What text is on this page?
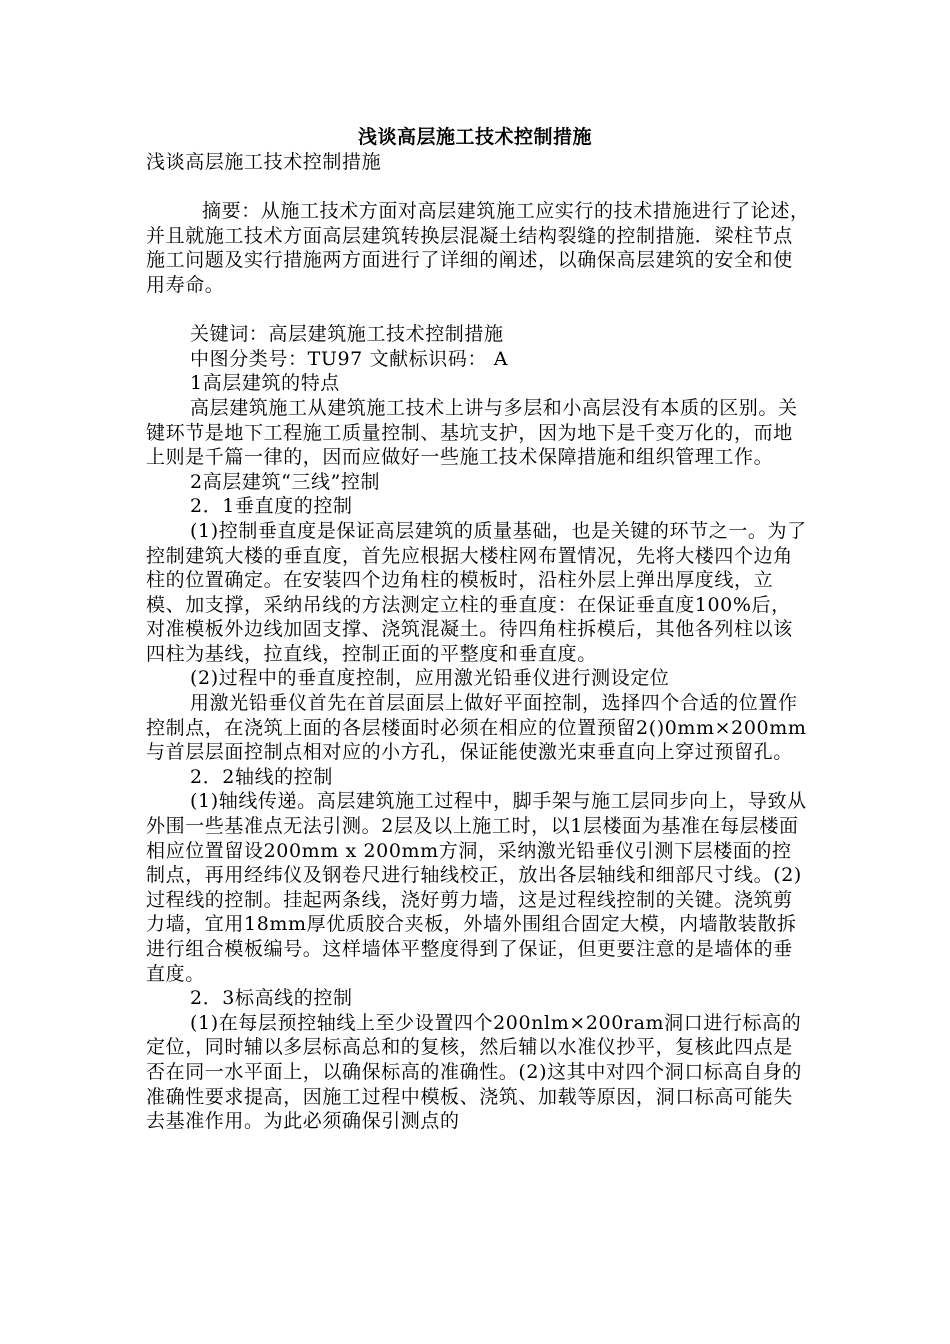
浅谈高层施工技术控制措施

浅谈高层施工技术控制措施

摘要：从施工技术方面对高层建筑施工应实行的技术措施进行了论述，并且就施工技术方面高层建筑转换层混凝土结构裂缝的控制措施．梁柱节点施工问题及实行措施两方面进行了详细的阐述，以确保高层建筑的安全和使用寿命。

关键词：高层建筑施工技术控制措施

中图分类号：TU97 文献标识码： A

1高层建筑的特点

高层建筑施工从建筑施工技术上讲与多层和小高层没有本质的区别。关键环节是地下工程施工质量控制、基坑支护，因为地下是千变万化的，而地上则是千篇一律的，因而应做好一些施工技术保障措施和组织管理工作。

2高层建筑“三线”控制

2．1垂直度的控制

(1)控制垂直度是保证高层建筑的质量基础，也是关键的环节之一。为了控制建筑大楼的垂直度，首先应根据大楼柱网布置情况，先将大楼四个边角柱的位置确定。在安装四个边角柱的模板时，沿柱外层上弹出厚度线，立模、加支撑，采纳吊线的方法测定立柱的垂直度：在保证垂直度100%后，对准模板外边线加固支撑、浇筑混凝土。待四角柱拆模后，其他各列柱以该四柱为基线，拉直线，控制正面的平整度和垂直度。

(2)过程中的垂直度控制，应用激光铅垂仪进行测设定位

用激光铅垂仪首先在首层面层上做好平面控制，选择四个合适的位置作控制点，在浇筑上面的各层楼面时必须在相应的位置预留2()0mm×200mm与首层层面控制点相对应的小方孔，保证能使激光束垂直向上穿过预留孔。

2．2轴线的控制

(1)轴线传递。高层建筑施工过程中，脚手架与施工层同步向上，导致从外围一些基准点无法引测。2层及以上施工时，以1层楼面为基准在每层楼面相应位置留设200mm x 200mm方洞，采纳激光铅垂仪引测下层楼面的控制点，再用经纬仪及钢卷尺进行轴线校正，放出各层轴线和细部尺寸线。(2)过程线的控制。挂起两条线，浇好剪力墙，这是过程线控制的关键。浇筑剪力墙，宜用18mm厚优质胶合夹板，外墙外围组合固定大模，内墙散装散拆进行组合模板编号。这样墙体平整度得到了保证，但更要注意的是墙体的垂直度。

2．3标高线的控制

(1)在每层预控轴线上至少设置四个200nlm×200ram洞口进行标高的定位，同时辅以多层标高总和的复核，然后辅以水准仪抄平，复核此四点是否在同一水平面上，以确保标高的准确性。(2)这其中对四个洞口标高自身的准确性要求提高，因施工过程中模板、浇筑、加载等原因，洞口标高可能失去基准作用。为此必须确保引测点的
